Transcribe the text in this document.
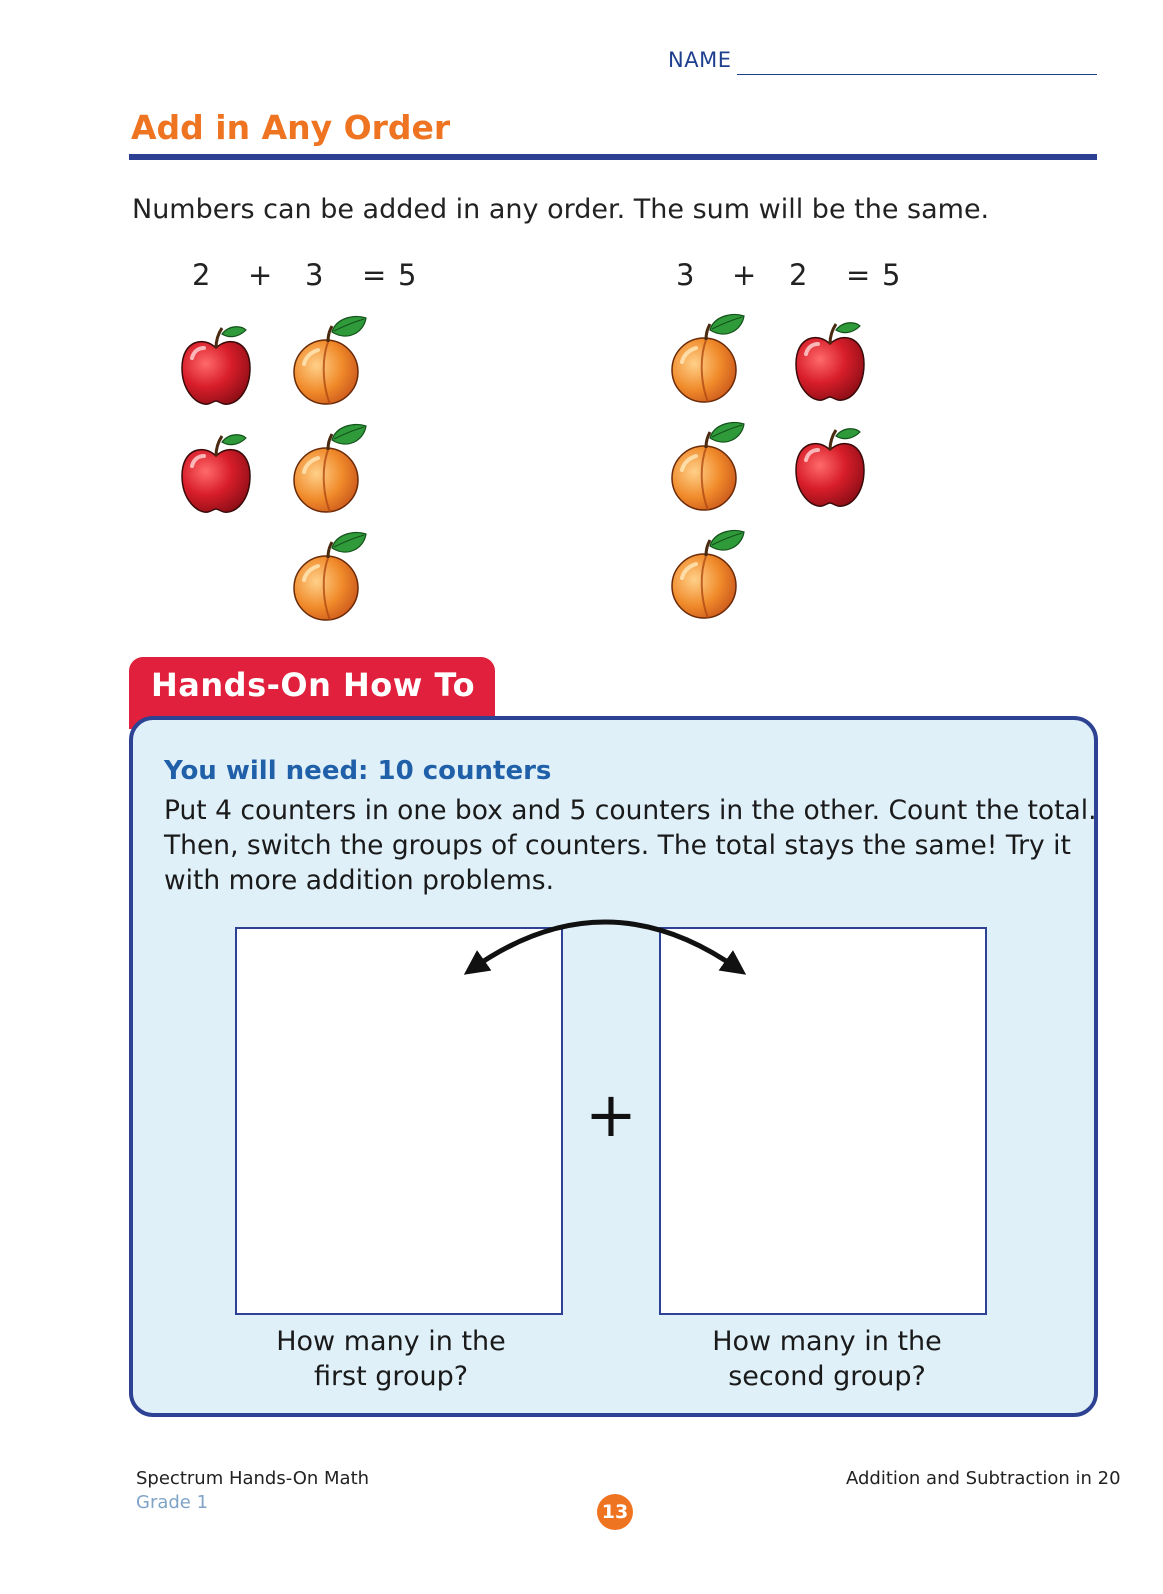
NAME
Add in Any Order
Numbers can be added in any order. The sum will be the same.
2 + 3 = 5	3 + 2 = 5
Hands-On How To
You will need: 10 counters

Put 4 counters in one box and 5 counters in the other. Count the total.

Then, switch the groups of counters. The total stays the same! Try it

with more addition problems.

+

How many in the

first group?

How many in the

second group?

Spectrum Hands-On Math
Grade 1
Addition and Subtraction in 20
13
